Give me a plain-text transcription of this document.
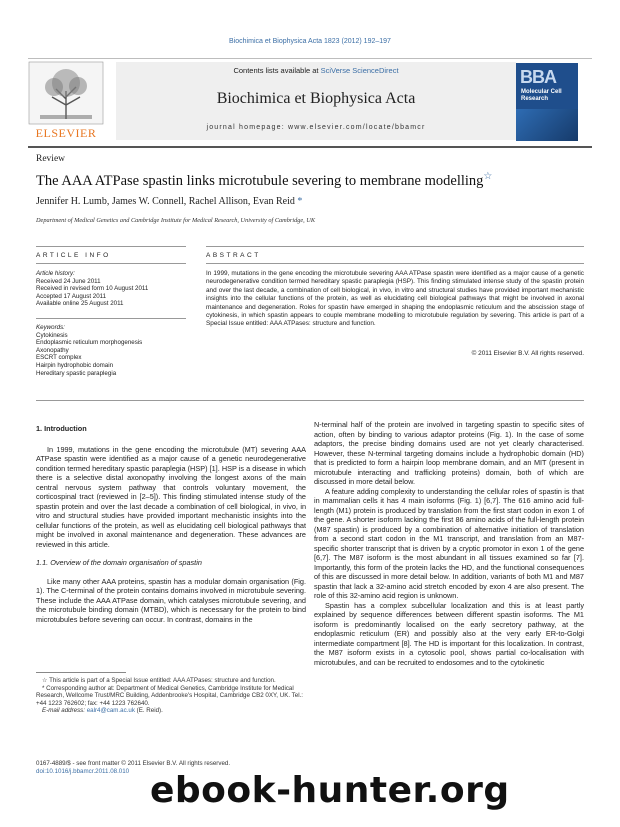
Biochimica et Biophysica Acta 1823 (2012) 192–197
ELSEVIER
Contents lists available at SciVerse ScienceDirect
Biochimica et Biophysica Acta
journal homepage: www.elsevier.com/locate/bbamcr
BBA
Molecular Cell Research
Review
The AAA ATPase spastin links microtubule severing to membrane modelling☆
Jennifer H. Lumb, James W. Connell, Rachel Allison, Evan Reid *
Department of Medical Genetics and Cambridge Institute for Medical Research, University of Cambridge, UK
ARTICLE INFO	ABSTRACT
Article history:
Received 24 June 2011
Received in revised form 10 August 2011
Accepted 17 August 2011
Available online 25 August 2011
Keywords:
Cytokinesis
Endoplasmic reticulum morphogenesis
Axonopathy
ESCRT complex
Hairpin hydrophobic domain
Hereditary spastic paraplegia
In 1999, mutations in the gene encoding the microtubule severing AAA ATPase spastin were identified as a major cause of a genetic neurodegenerative condition termed hereditary spastic paraplegia (HSP). This finding stimulated intense study of the spastin protein and over the last decade, a combination of cell biological, in vivo, in vitro and structural studies have provided important mechanistic insights into the cellular functions of the protein, as well as elucidating cell biological pathways that might be involved in axonal maintenance and degeneration. Roles for spastin have emerged in shaping the endoplasmic reticulum and the abscission stage of cytokinesis, in which spastin appears to couple membrane modelling to microtubule regulation by severing. This article is part of a Special Issue entitled: AAA ATPases: structure and function.
© 2011 Elsevier B.V. All rights reserved.
1. Introduction

In 1999, mutations in the gene encoding the microtubule (MT) severing AAA ATPase spastin were identified as a major cause of a genetic neurodegenerative condition termed hereditary spastic paraplegia (HSP) [1]. HSP is a disease in which there is a selective distal axonopathy involving the longest axons of the main central nervous system pathway that controls voluntary movement, the corticospinal tract (reviewed in [2–5]). This finding stimulated intense study of the spastin protein and over the last decade a combination of cell biological, in vivo, in vitro and structural studies have provided important mechanistic insights into the cellular functions of the protein, as well as elucidating cell biological pathways that might be involved in axonal maintenance and degeneration. These advances are reviewed in this article.

1.1. Overview of the domain organisation of spastin

Like many other AAA proteins, spastin has a modular domain organisation (Fig. 1). The C-terminal of the protein contains domains involved in microtubule severing. These include the AAA ATPase domain, which catalyses microtubule severing, and the microtubule binding domain (MTBD), which is necessary for the protein to bind microtubules before severing can occur. In contrast, domains in the

N-terminal half of the protein are involved in targeting spastin to specific sites of action, often by binding to various adaptor proteins (Fig. 1). In the case of some adaptors, the precise binding domains used are not yet clearly characterised. However, these N-terminal targeting domains include a hydrophobic domain (HD) that is predicted to form a hairpin loop membrane domain, and an MIT (present in microtubule interacting and trafficking proteins) domain, both of which are discussed in more detail below.

A feature adding complexity to understanding the cellular roles of spastin is that in mammalian cells it has 4 main isoforms (Fig. 1) [6,7]. The 616 amino acid full-length (M1) protein is produced by translation from the first start codon in exon 1 of the gene. A shorter isoform lacking the first 86 amino acids of the full-length protein (M87 spastin) is produced by a combination of alternative initiation of translation from a second start codon in the M1 transcript, and translation from an M87-specific shorter transcript that is driven by a cryptic promotor in exon 1 of the gene [6,7]. The M87 isoform is the most abundant in all tissues examined so far [7]. Importantly, this form of the protein lacks the HD, and the functional consequences of this are discussed in more detail below. In addition, variants of both M1 and M87 spastin that lack a 32-amino acid stretch encoded by exon 4 are also present. The role of this 32-amino acid region is unknown.

Spastin has a complex subcellular localization and this is at least partly explained by sequence differences between different spastin isoforms. The M1 isoform is predominantly localised on the early secretory pathway, at the endoplasmic reticulum (ER) and possibly also at the very early ER-to-Golgi intermediate compartment [8]. The HD is important for this localization. In contrast, the M87 isoform exists in a cytosolic pool, shows partial co-localisation with microtubules, and can be recruited to endosomes and to the cytokinetic

☆ This article is part of a Special Issue entitled: AAA ATPases: structure and function.

* Corresponding author at: Department of Medical Genetics, Cambridge Institute for Medical Research, Wellcome Trust/MRC Building, Addenbrooke's Hospital, Cambridge CB2 0XY, UK. Tel.: +44 1223 762602; fax: +44 1223 762640.

E-mail address: ealr4@cam.ac.uk (E. Reid).

0167-4889/$ - see front matter © 2011 Elsevier B.V. All rights reserved.
doi:10.1016/j.bbamcr.2011.08.010 ebook-hunter.org
